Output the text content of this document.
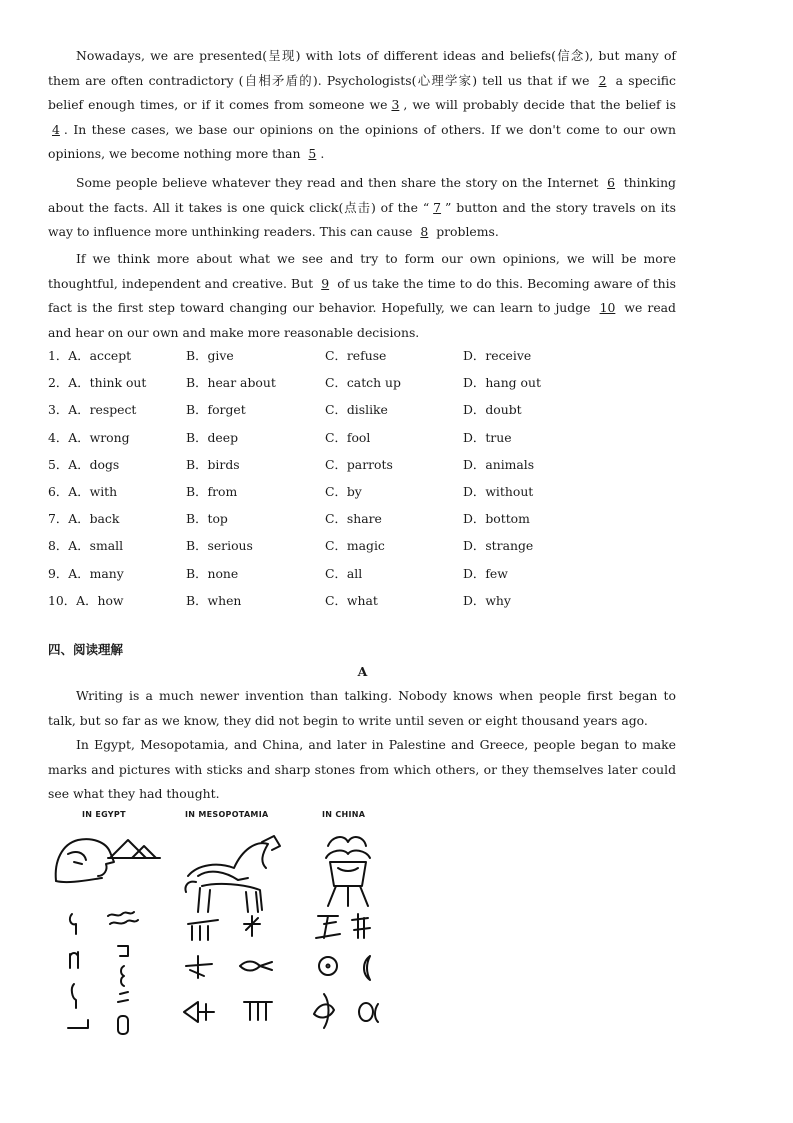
Nowadays, we are presented(呈现) with lots of different ideas and beliefs(信念), but many of them are often contradictory (自相矛盾的). Psychologists(心理学家) tell us that if we 2 a specific belief enough times, or if it comes from someone we 3 , we will probably decide that the belief is 4 . In these cases, we base our opinions on the opinions of others. If we don't come to our own opinions, we become nothing more than 5 .

Some people believe whatever they read and then share the story on the Internet 6 thinking about the facts. All it takes is one quick click(点击) of the “ 7 ” button and the story travels on its way to influence more unthinking readers. This can cause 8 problems.

If we think more about what we see and try to form our own opinions, we will be more thoughtful, independent and creative. But 9 of us take the time to do this. Becoming aware of this fact is the first step toward changing our behavior. Hopefully, we can learn to judge 10 we read and hear on our own and make more reasonable decisions.

1．A．accept	B．give	C．refuse	D．receive
2．A．think out	B．hear about	C．catch up	D．hang out
3．A．respect	B．forget	C．dislike	D．doubt
4．A．wrong	B．deep	C．fool	D．true
5．A．dogs	B．birds	C．parrots	D．animals
6．A．with	B．from	C．by	D．without
7．A．back	B．top	C．share	D．bottom
8．A．small	B．serious	C．magic	D．strange
9．A．many	B．none	C．all	D．few
10．A．how	B．when	C．what	D．why
四、阅读理解
A

Writing is a much newer invention than talking. Nobody knows when people first began to talk, but so far as we know, they did not begin to write until seven or eight thousand years ago.

In Egypt, Mesopotamia, and China, and later in Palestine and Greece, people began to make marks and pictures with sticks and sharp stones from which others, or they themselves later could see what they had thought.

IN EGYPT	IN MESOPOTAMIA	IN CHINA
